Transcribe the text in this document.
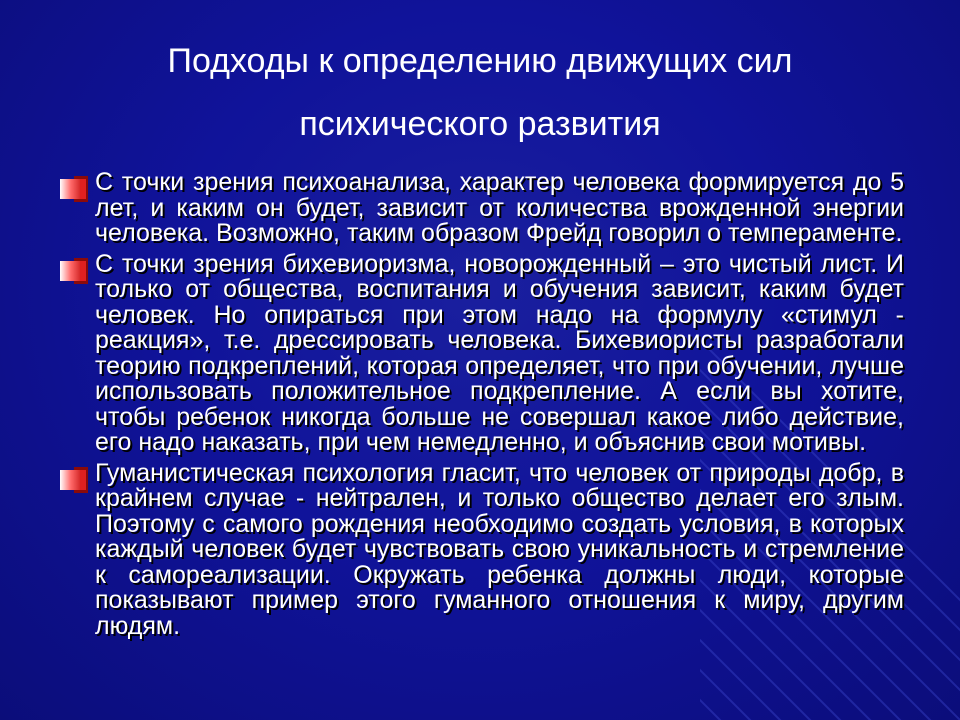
Подходы к определению движущих сил
психического развития
С точки зрения психоанализа, характер человека формируется до 5 лет, и каким он будет, зависит от количества врожденной энергии человека. Возможно, таким образом Фрейд говорил о темпераменте.
С точки зрения бихевиоризма, новорожденный – это чистый лист. И только от общества, воспитания и обучения зависит, каким будет человек. Но опираться при этом надо на формулу «стимул - реакция», т.е. дрессировать человека. Бихевиористы разработали теорию подкреплений, которая определяет, что при обучении, лучше использовать положительное подкрепление. А если вы хотите, чтобы ребенок никогда больше не совершал какое либо действие, его надо наказать, при чем немедленно, и объяснив свои мотивы.
Гуманистическая психология гласит, что человек от природы добр, в крайнем случае - нейтрален, и только общество делает его злым. Поэтому с самого рождения необходимо создать условия, в которых каждый человек будет чувствовать свою уникальность и стремление к самореализации. Окружать ребенка должны люди, которые показывают пример этого гуманного отношения к миру, другим людям.
